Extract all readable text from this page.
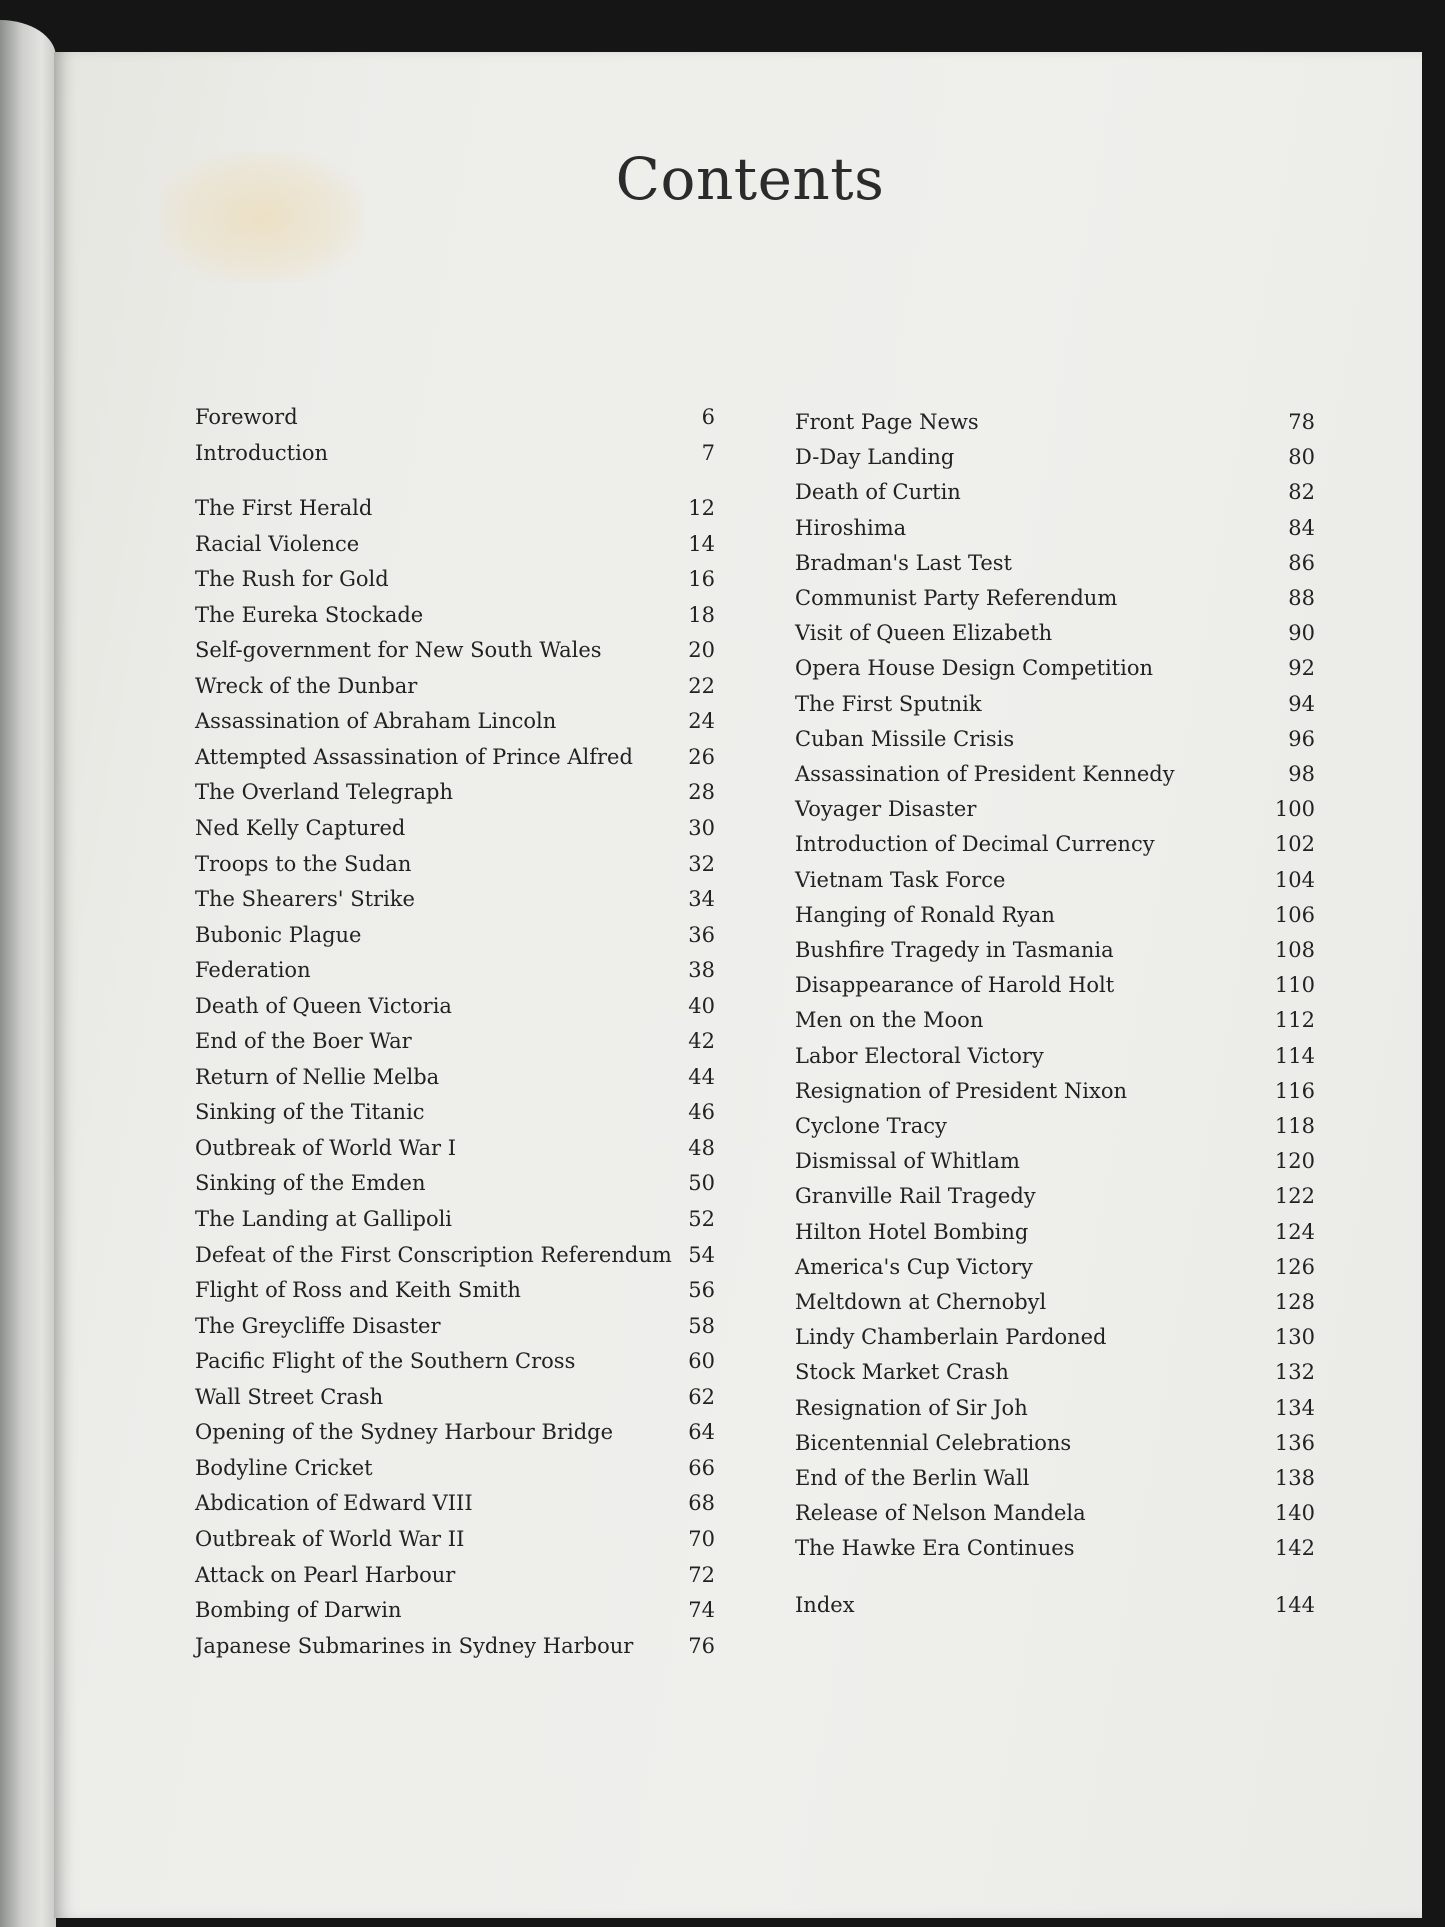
Contents
Foreword	6
Introduction	7
The First Herald	12
Racial Violence	14
The Rush for Gold	16
The Eureka Stockade	18
Self-government for New South Wales	20
Wreck of the Dunbar	22
Assassination of Abraham Lincoln	24
Attempted Assassination of Prince Alfred	26
The Overland Telegraph	28
Ned Kelly Captured	30
Troops to the Sudan	32
The Shearers' Strike	34
Bubonic Plague	36
Federation	38
Death of Queen Victoria	40
End of the Boer War	42
Return of Nellie Melba	44
Sinking of the Titanic	46
Outbreak of World War I	48
Sinking of the Emden	50
The Landing at Gallipoli	52
Defeat of the First Conscription Referendum 54
Flight of Ross and Keith Smith	56
The Greycliffe Disaster	58
Pacific Flight of the Southern Cross	60
Wall Street Crash	62
Opening of the Sydney Harbour Bridge	64
Bodyline Cricket	66
Abdication of Edward VIII	68
Outbreak of World War II	70
Attack on Pearl Harbour	72
Bombing of Darwin	74
Japanese Submarines in Sydney Harbour	76
Front Page News	78
D-Day Landing	80
Death of Curtin	82
Hiroshima	84
Bradman's Last Test	86
Communist Party Referendum	88
Visit of Queen Elizabeth	90
Opera House Design Competition	92
The First Sputnik	94
Cuban Missile Crisis	96
Assassination of President Kennedy	98
Voyager Disaster	100
Introduction of Decimal Currency	102
Vietnam Task Force	104
Hanging of Ronald Ryan	106
Bushfire Tragedy in Tasmania	108
Disappearance of Harold Holt	110
Men on the Moon	112
Labor Electoral Victory	114
Resignation of President Nixon	116
Cyclone Tracy	118
Dismissal of Whitlam	120
Granville Rail Tragedy	122
Hilton Hotel Bombing	124
America's Cup Victory	126
Meltdown at Chernobyl	128
Lindy Chamberlain Pardoned	130
Stock Market Crash	132
Resignation of Sir Joh	134
Bicentennial Celebrations	136
End of the Berlin Wall	138
Release of Nelson Mandela	140
The Hawke Era Continues	142
Index	144
